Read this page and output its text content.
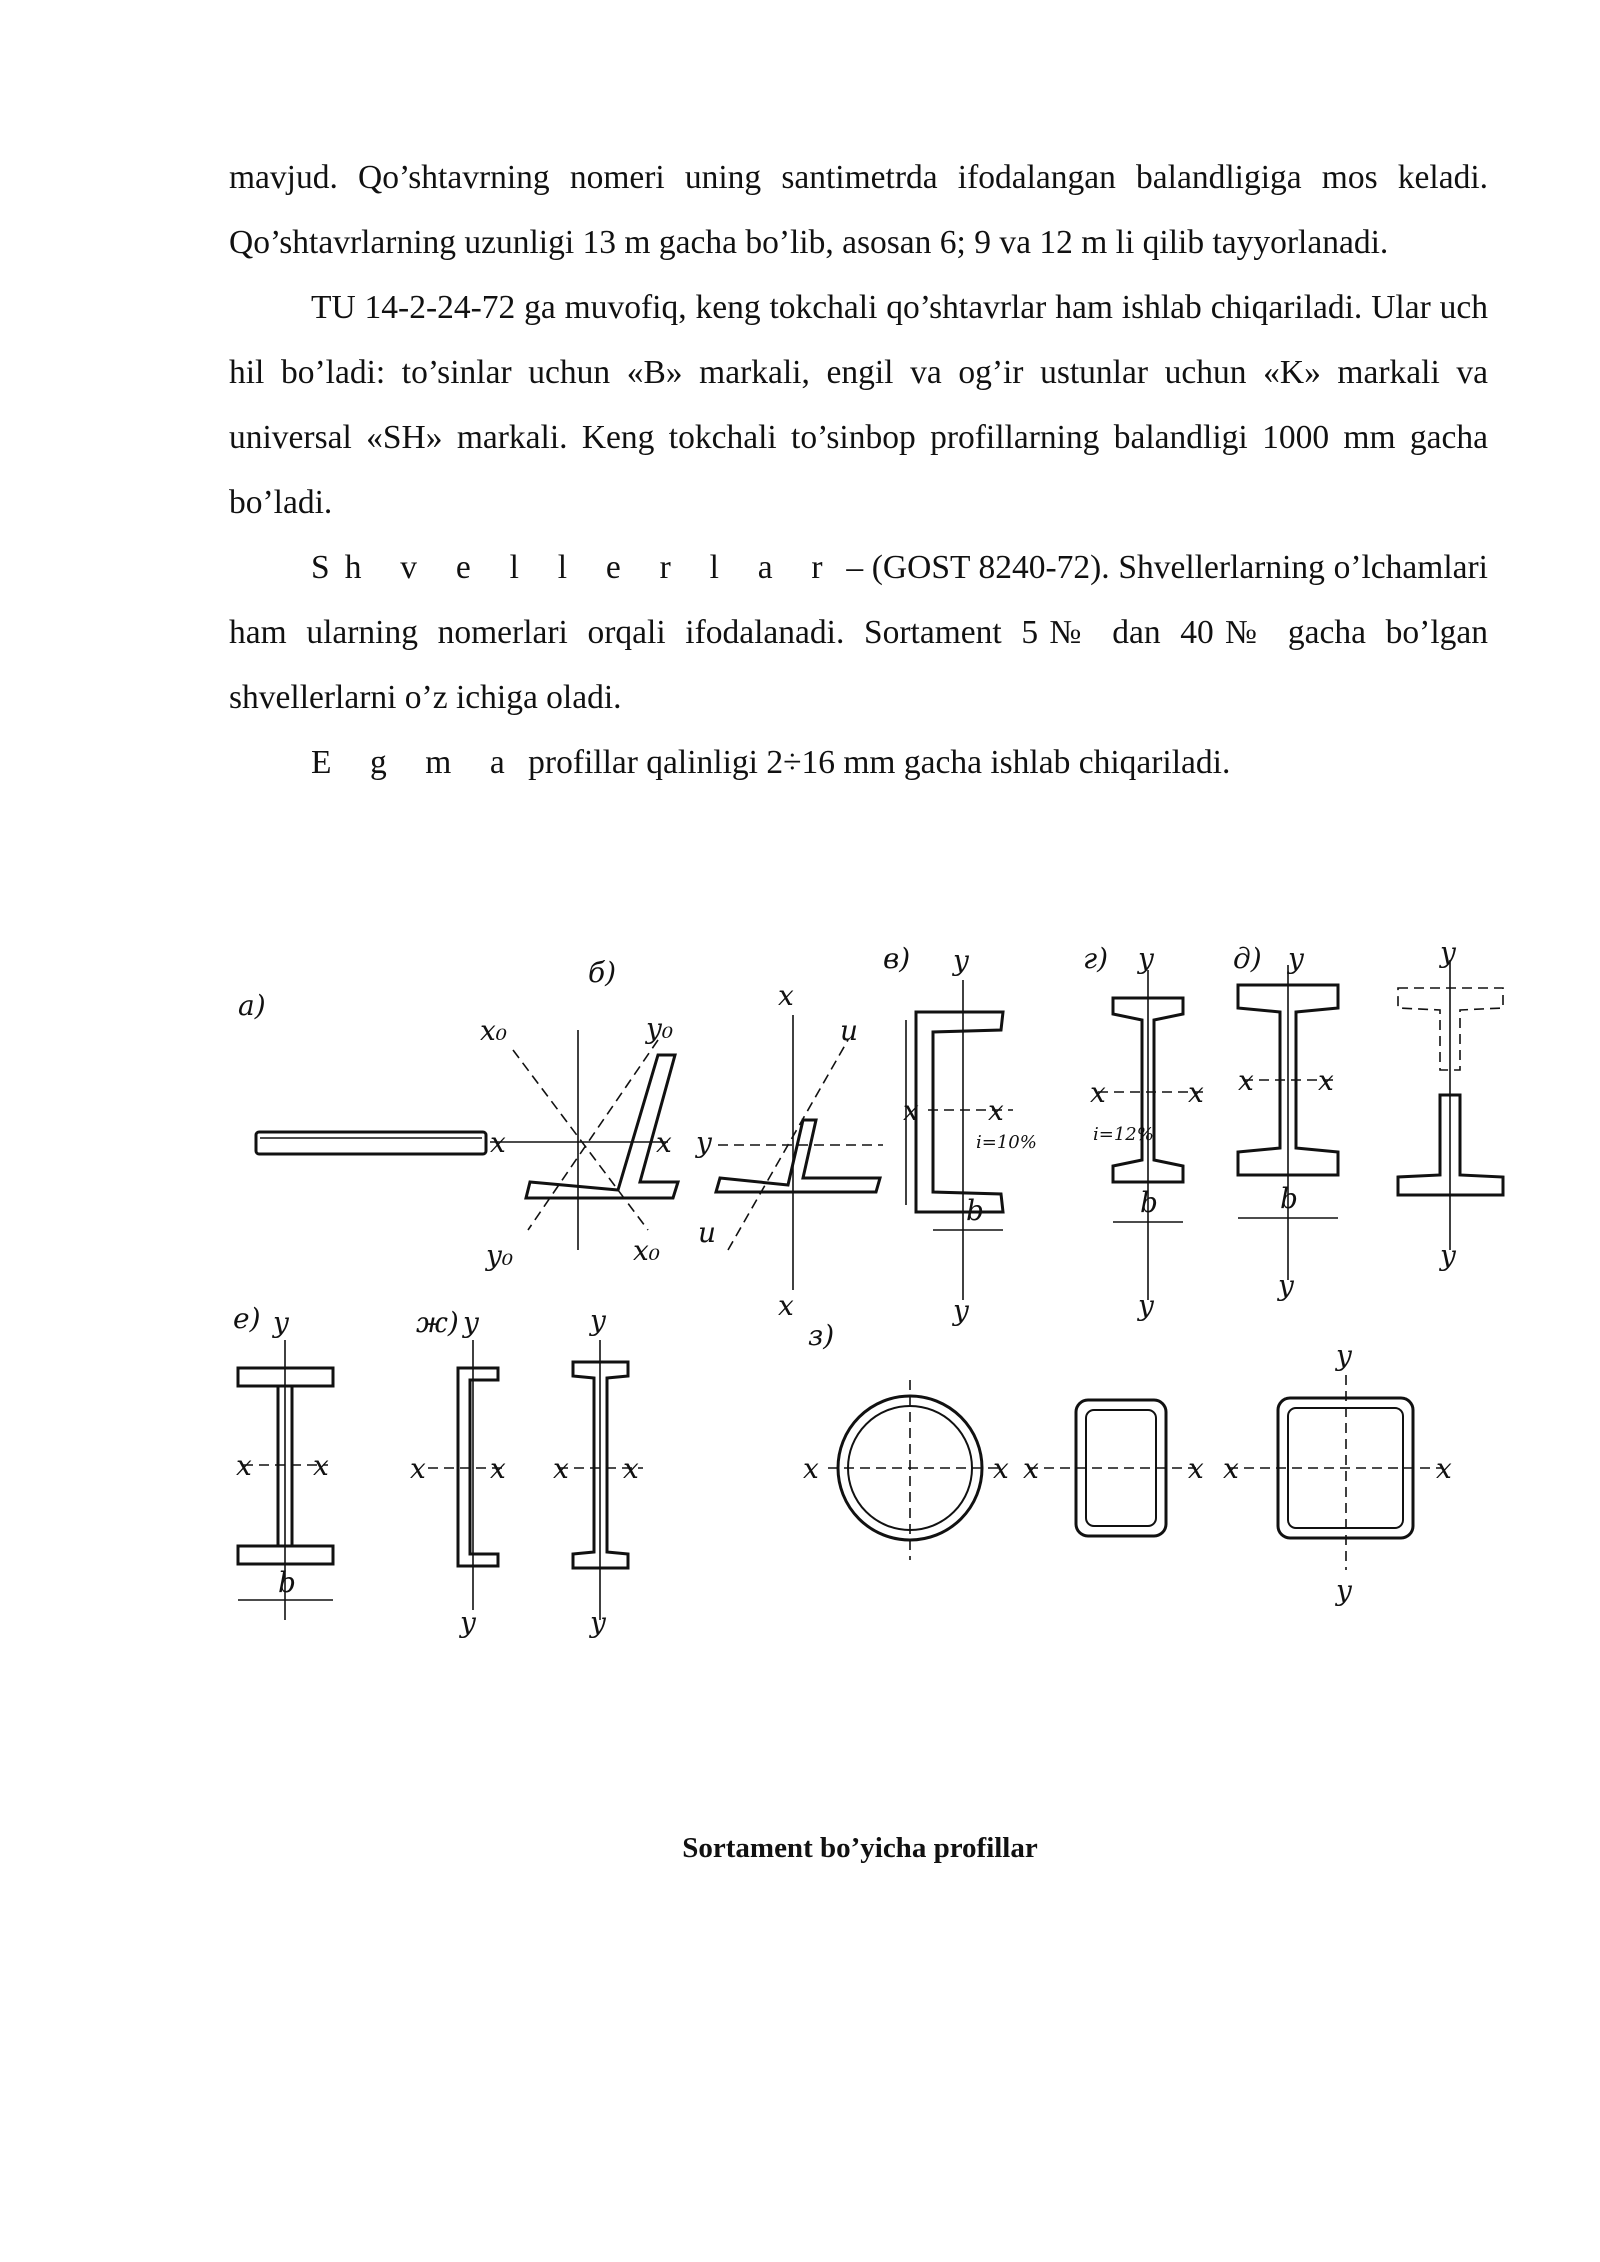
mavjud. Qo’shtavrning nomeri uning santimetrda ifodalangan balandligiga mos keladi. Qo’shtavrlarning uzunligi 13 m gacha bo’lib, asosan 6; 9 va 12 m li qilib tayyorlanadi.

TU 14-2-24-72 ga muvofiq, keng tokchali qo’shtavrlar ham ishlab chiqariladi. Ular uch hil bo’ladi: to’sinlar uchun «B» markali, engil va og’ir ustunlar uchun «K» markali va universal «SH» markali. Keng tokchali to’sinbop profillarning balandligi 1000 mm gacha bo’ladi.

Sh v e l l e r l a r – (GOST 8240-72). Shvellerlarning o’lchamlari ham ularning nomerlari orqali ifodalanadi. Sortament 5№ dan 40№ gacha bo’lgan shvellerlarni o’z ichiga oladi.

E g m a profillar qalinligi 2÷16 mm gacha ishlab chiqariladi.

а)
x
б)
x₀	y₀
x
y₀	x₀
x
u
y
u
x
в) y
x x
i=10%
b
y
г) y
x	x
i=12%
b
y
д) y
x x
b
y
y
y
е) y
x x
b
ж) y
x x
y
y
x x
y
з)
x	x x	x
y
x	x
y
Sortament bo’yicha profillar
